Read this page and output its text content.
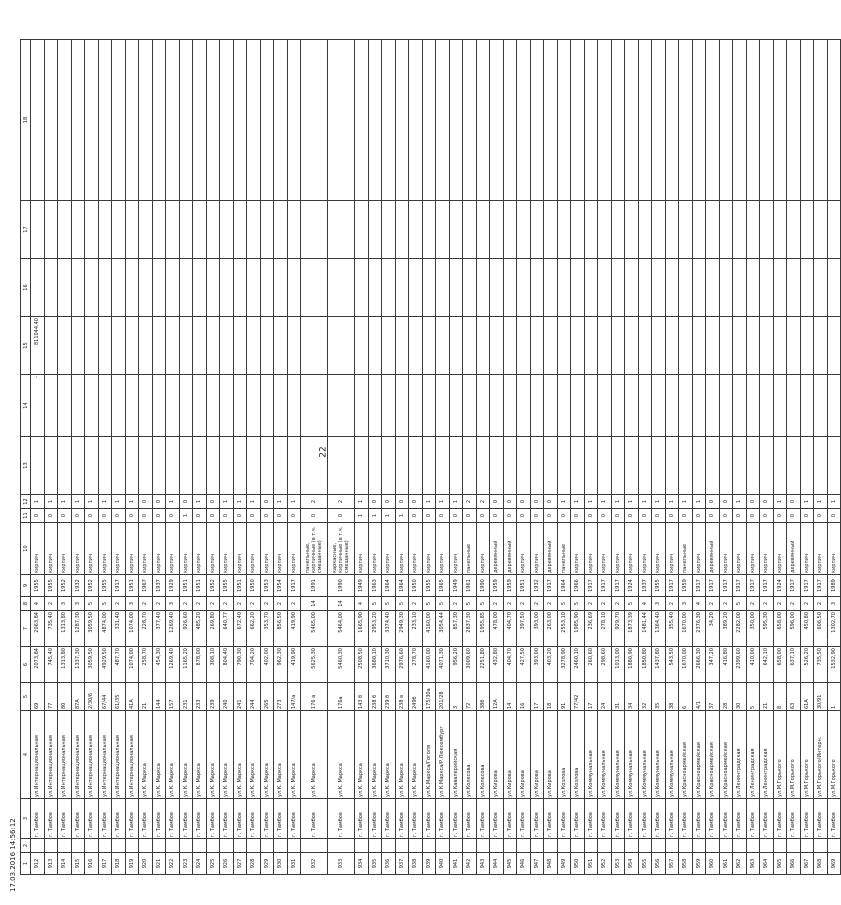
22
1	2	3	4	5	6	7	8	9	10	11	12	13	14	15	16	17	18
912		г. Тамбов	ул.Интернациональная	69	2073,84	2063,84	4	1955	кирпич	0	1		-	811044,40			
913		г. Тамбов	ул.Интернациональная	77	745,40	735,40	2	1955	кирпич	0	1						
914		г. Тамбов	ул.Интернациональная	80	1313,80	1313,80	3	1952	кирпич	0	1						
915		г. Тамбов	ул.Интернациональная	87А	1337,30	1287,30	3	1932	кирпич	0	1						
916		г. Тамбов	ул.Интернациональная	2/30/6	3059,50	3059,50	5	1952	кирпич	0	1						
917		г. Тамбов	ул.Интернациональная	67/44	4929,50	4874,00	5	1955	кирпич	0	1						
918		г. Тамбов	ул.Интернациональная	61/35	487,70	331,40	2	1917	кирпич	0	1						
919		г. Тамбов	ул.Интернациональная	41А	1074,00	1074,00	3	1951	кирпич	0	1						
920		г. Тамбов	ул.К. Маркса	21	258,70	228,70	2	1967	кирпич	0	0						
921		г. Тамбов	ул.К. Маркса	144	454,30	377,40	2	1937	кирпич	0	0						
922		г. Тамбов	ул.К. Маркса	157	1269,40	1269,40	3	1929	кирпич	0	1						
923		г. Тамбов	ул.К. Маркса	231	1165,20	926,60	2	1951	кирпич	1	0						
924		г. Тамбов	ул.К. Маркса	233	878,00	485,20	2	1951	кирпич	0	1						
925		г. Тамбов	ул.К. Маркса	239	308,10	269,80	2	1952	кирпич	0	0						
926		г. Тамбов	ул.К. Маркса	240	804,40	640,77	2	1955	кирпич	0	1						
927		г. Тамбов	ул.К. Маркса	241	790,30	672,40	2	1951	кирпич	0	1						
928		г. Тамбов	ул.К. Маркса	244	704,20	662,20	2	1950	кирпич	0	1						
929		г. Тамбов	ул.К. Маркса	265	402,00	353,70	2	1953	кирпич	0	0						
930		г. Тамбов	ул.К. Маркса	273	962,30	856,50	2	1954	кирпич	0	1						
931		г. Тамбов	ул.К. Маркса	147/а	419,90	419,90	2	1917	кирпич	0	1						
932		г. Тамбов	ул.К. Маркса	176 а	5625,30	5465,00	14	1991	панельные, кирпичные (в т.ч. смешанные)	0	2						
933		г. Тамбов	ул.К. Маркса	176а	5460,30	5464,00	14	1990	каркасные, кирпичные (в т.ч. смешанные)	0	2						
934		г. Тамбов	ул.К. Маркса	143 б	2508,50	1665,90	4	1949	кирпич	1	1						
935		г. Тамбов	ул.К. Маркса	238 б	3680,10	2953,20	5	1963	кирпич	1	0						
936		г. Тамбов	ул.К. Маркса	239 б	3710,30	3374,40	5	1964	кирпич	1	0						
937		г. Тамбов	ул.К. Маркса	238 в	2976,60	2949,30	5	1964	кирпич	1	0						
938		г. Тамбов	ул.К. Маркса	249б	278,70	233,10	2	1950	кирпич	0	0						
939		г. Тамбов	ул.К.Маркса/Гоголя	175/30а	4160,00	4160,00	5	1955	кирпич	0	1						
940		г. Тамбов	ул.К.Маркса/Р.Люксембург	201/28	4071,30	3054,44	5	1965	кирпич	0	1						
941		г. Тамбов	ул.Кавалерийская	3	956,20	857,30	2	1949	кирпич	0	1						
942		г. Тамбов	ул.Колесова	72	3009,60	2837,30	5	1961	панельные	0	2						
943		г. Тамбов	ул.Колесова	38б	2251,80	1955,85	5	1990	кирпич	0	2						
944		г. Тамбов	ул.Кирова	12А	432,80	478,00	2	1959	деревянный	0	0						
945		г. Тамбов	ул.Кирова	14	404,70	404,70	2	1959	деревянный	0	0						
946		г. Тамбов	ул.Кирова	16	427,50	397,50	2	1951	кирпич	0	0						
947		г. Тамбов	ул.Кирова	17	393,00	393,00	2	1932	кирпич	0	0						
948		г. Тамбов	ул.Кирова	18	403,20	263,00	2	1917	деревянный	0	0						
949		г. Тамбов	ул.Козлова	91	3278,90	2553,10	5	1964	панельные	0	1						
950		г. Тамбов	ул.Козлова	77/42	2460,10	1985,90	5	1966	кирпич	0	1						
951		г. Тамбов	ул.Коммунальная	17	260,60	236,69	2	1917	кирпич	0	1						
952		г. Тамбов	ул.Коммунальная	24	298,60	278,10	2	1917	кирпич	0	1						
953		г. Тамбов	ул.Коммунальная	31	1013,00	929,70	2	1917	кирпич	0	1						
954		г. Тамбов	ул.Коммунальная	34	1880,90	1873,39	5	1924	кирпич	0	1						
955		г. Тамбов	ул.Коммунальная	32	1850,80	1481,44	4	1937	кирпич	0	1						
956		г. Тамбов	ул.Коммунальная	35	1437,80	1364,40	3	1955	кирпич	0	1						
957		г. Тамбов	ул.Коммунальная	38	543,50	355,40	2	1917	кирпич	0	1						
958		г. Тамбов	ул.Красноармейская	6	1670,00	1670,00	3	1959	панельные	0	1						
959		г. Тамбов	ул.Красноармейская	4/1	2666,30	2376,30	4	1917	кирпич	0	1						
960		г. Тамбов	ул.Красноармейская	37	347,20	34,20	2	1917	деревянный	0	0						
961		г. Тамбов	ул.Красноармейская	28	416,80	389,20	2	1917	кирпич	0	0						
962		г. Тамбов	ул.Ленинградская	30	2399,60	2282,00	5	1917	кирпич	0	1						
963		г. Тамбов	ул.Ленинградская	5	410,00	350,00	2	1917	кирпич	0	0						
964		г. Тамбов	ул.Ленинградская	21	642,10	595,30	2	1917	кирпич	0	0						
965		г. Тамбов	ул.М.Горького	8	658,00	658,00	2	1924	кирпич	0	1						
966		г. Тамбов	ул.М.Горького	63	637,10	596,00	2	1917	деревянный	0	0						
967		г. Тамбов	ул.М.Горького	61А	526,20	450,80	2	1917	кирпич	0	1						
968		г. Тамбов	ул.М.Горького/Интерн.	30/91	735,50	606,50	2	1917	кирпич	0	1						
969		г. Тамбов	ул.М.Горького	1	1532,90	1302,70	3	1989	кирпич	0	1						
17.03.2016 14:56:12
